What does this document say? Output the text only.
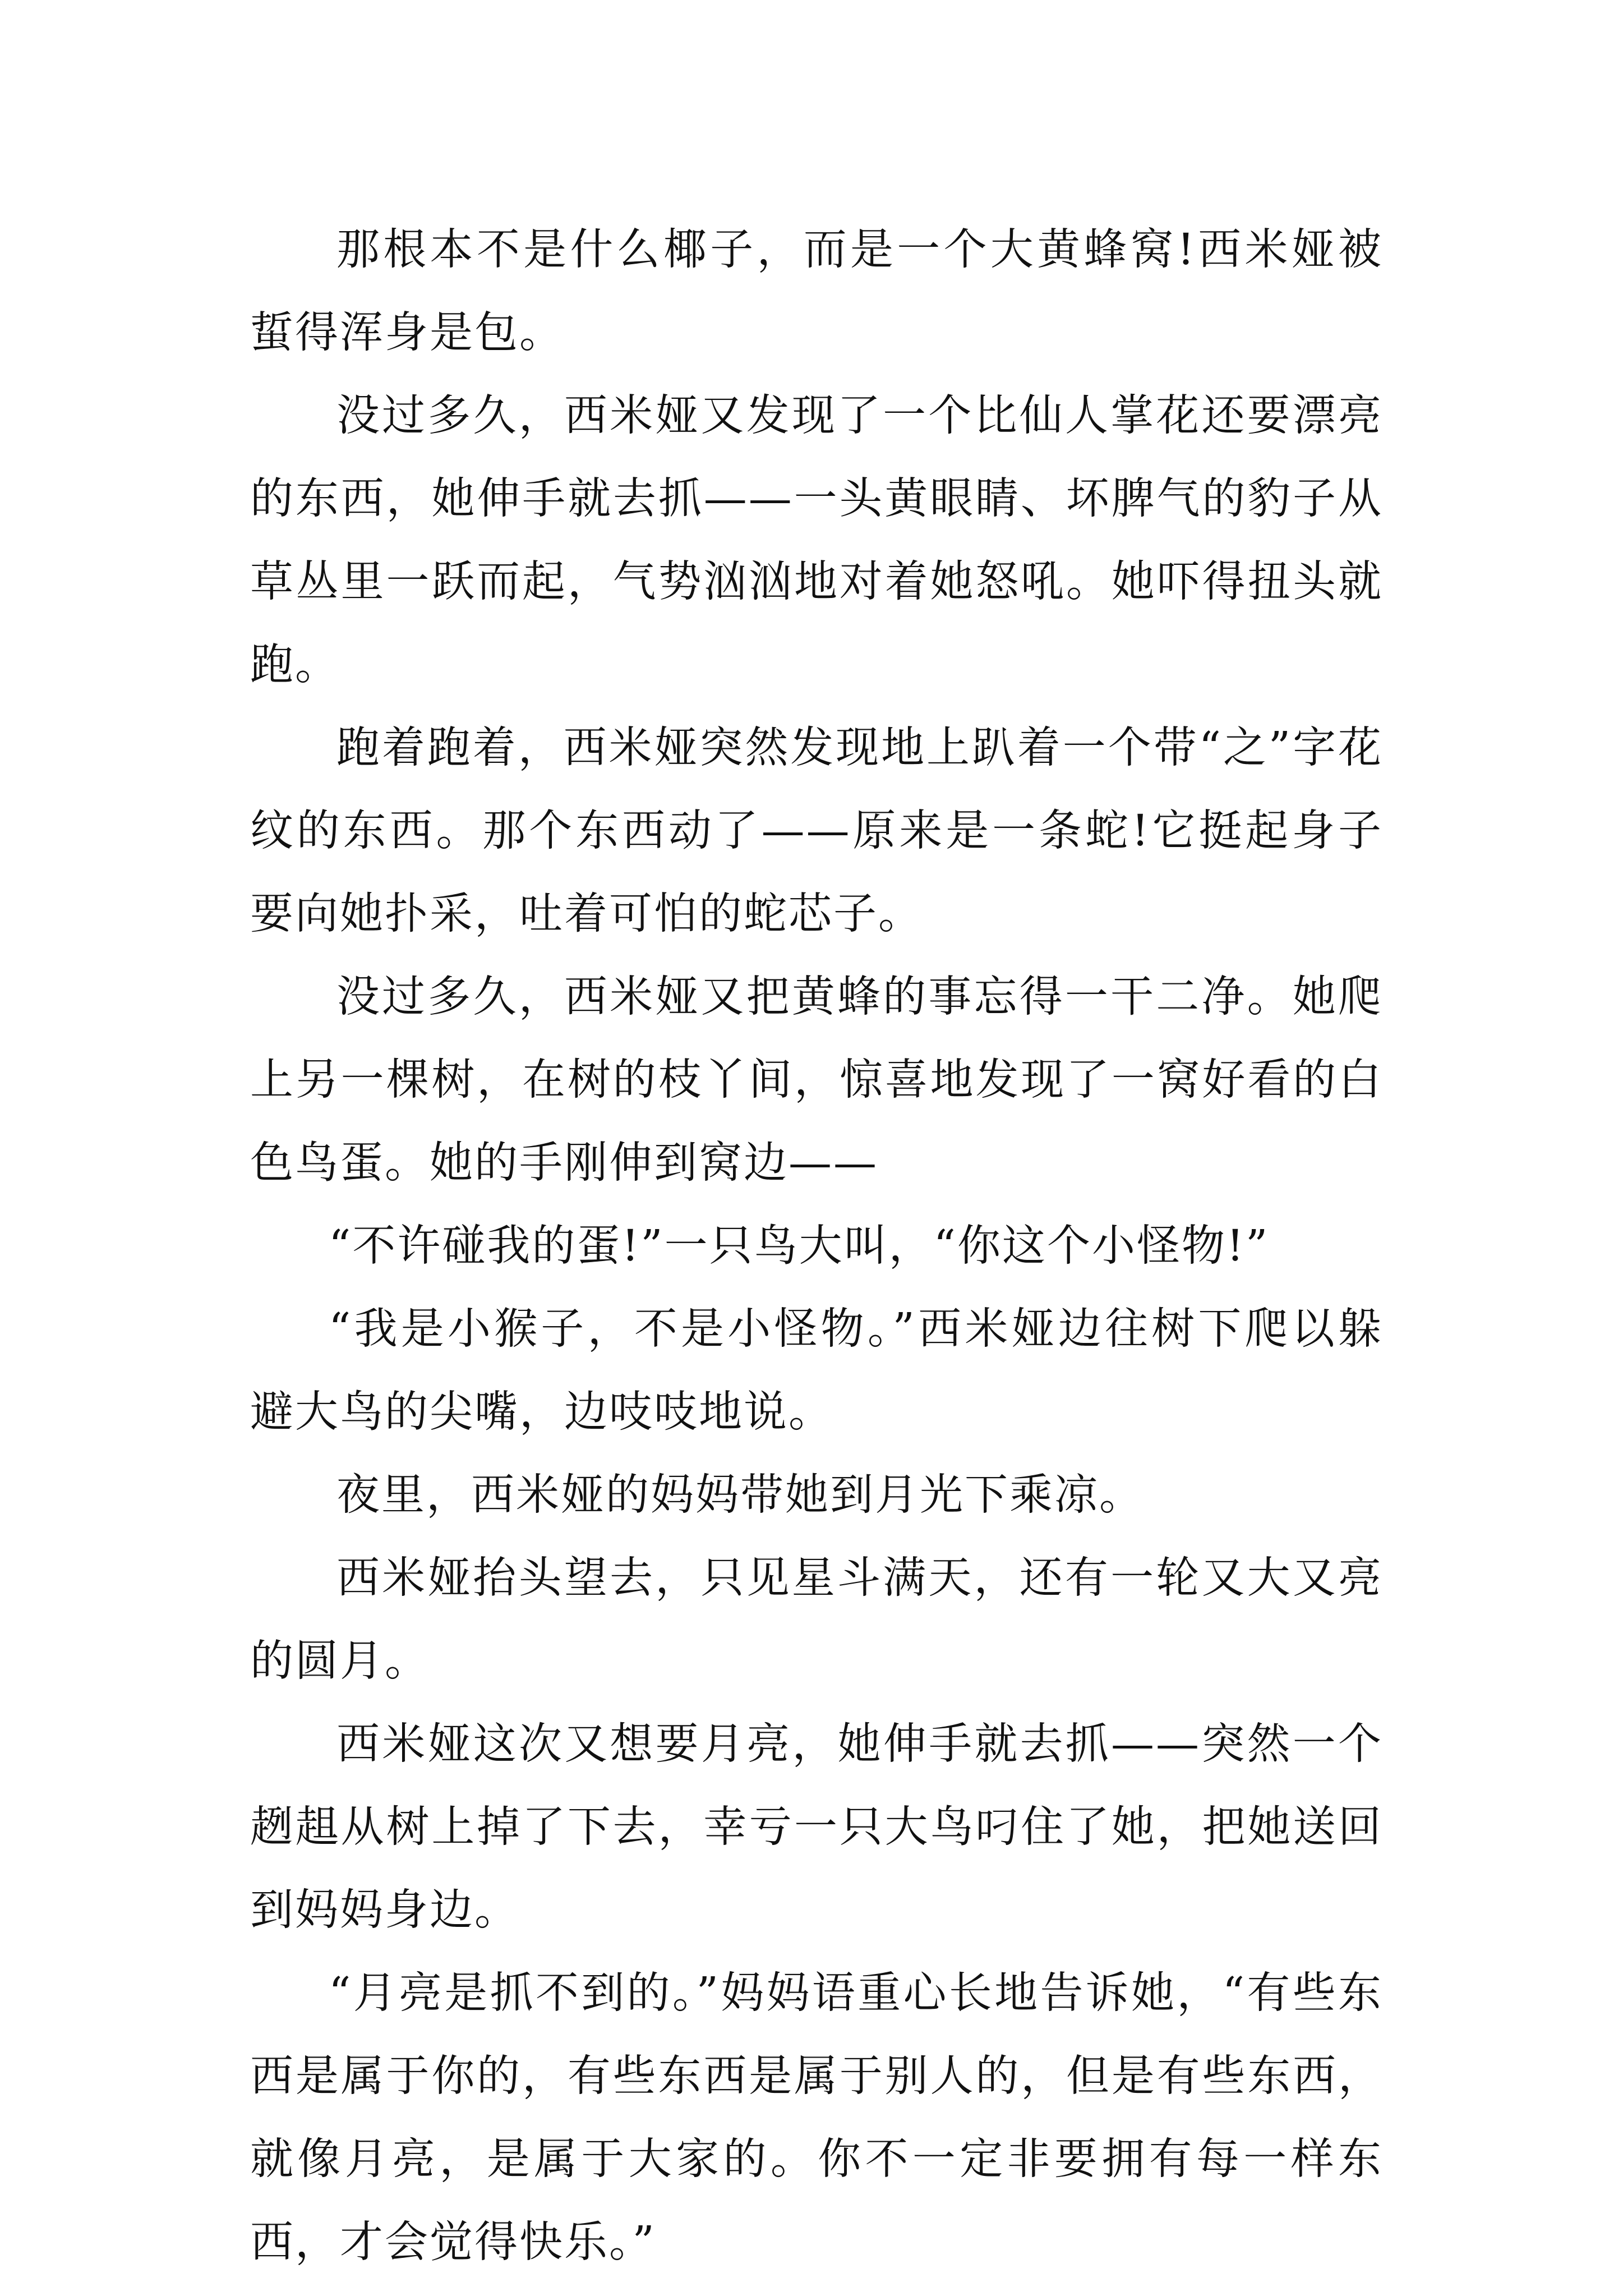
那根本不是什么椰子，而是一个大黄蜂窝!西米娅被蜇得浑身是包。

没过多久，西米娅又发现了一个比仙人掌花还要漂亮的东西，她伸手就去抓——一头黄眼睛、坏脾气的豹子从草丛里一跃而起，气势汹汹地对着她怒吼。她吓得扭头就跑。

跑着跑着，西米娅突然发现地上趴着一个带“之”字花纹的东西。那个东西动了——原来是一条蛇!它挺起身子要向她扑采，吐着可怕的蛇芯子。

没过多久，西米娅又把黄蜂的事忘得一干二净。她爬上另一棵树，在树的枝丫间，惊喜地发现了一窝好看的白色鸟蛋。她的手刚伸到窝边——

“不许碰我的蛋!”一只鸟大叫，“你这个小怪物!”

“我是小猴子，不是小怪物。”西米娅边往树下爬以躲避大鸟的尖嘴，边吱吱地说。

夜里，西米娅的妈妈带她到月光下乘凉。

西米娅抬头望去，只见星斗满天，还有一轮又大又亮的圆月。

西米娅这次又想要月亮，她伸手就去抓——突然一个趔趄从树上掉了下去，幸亏一只大鸟叼住了她，把她送回到妈妈身边。

“月亮是抓不到的。”妈妈语重心长地告诉她，“有些东西是属于你的，有些东西是属于别人的，但是有些东西，就像月亮，是属于大家的。你不一定非要拥有每一样东西，才会觉得快乐。”
